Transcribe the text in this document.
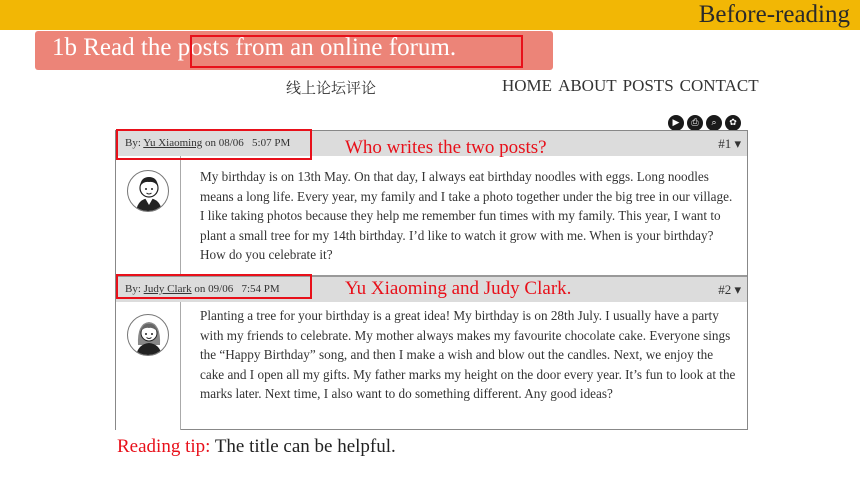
Before-reading
1b Read the posts from an online forum.
线上论坛评论	HOME ABOUT POSTS CONTACT
▶	⎙	⌕	✿
By: Yu Xiaoming on 08/06 5:07 PM	#1 ▾
My birthday is on 13th May. On that day, I always eat birthday noodles with eggs. Long noodles means a long life. Every year, my family and I take a photo together under the big tree in our village. I like taking photos because they help me remember fun times with my family. This year, I want to plant a small tree for my 14th birthday. I’d like to watch it grow with me. When is your birthday? How do you celebrate it?
By: Judy Clark on 09/06 7:54 PM	#2 ▾
Planting a tree for your birthday is a great idea! My birthday is on 28th July. I usually have a party with my friends to celebrate. My mother always makes my favourite chocolate cake. Everyone sings the “Happy Birthday” song, and then I make a wish and blow out the candles. Next, we enjoy the cake and I open all my gifts. My father marks my height on the door every year. It’s fun to look at the marks later. Next time, I also want to do something different. Any good ideas?
Who writes the two posts?
Yu Xiaoming and Judy Clark.
Reading tip: The title can be helpful.
